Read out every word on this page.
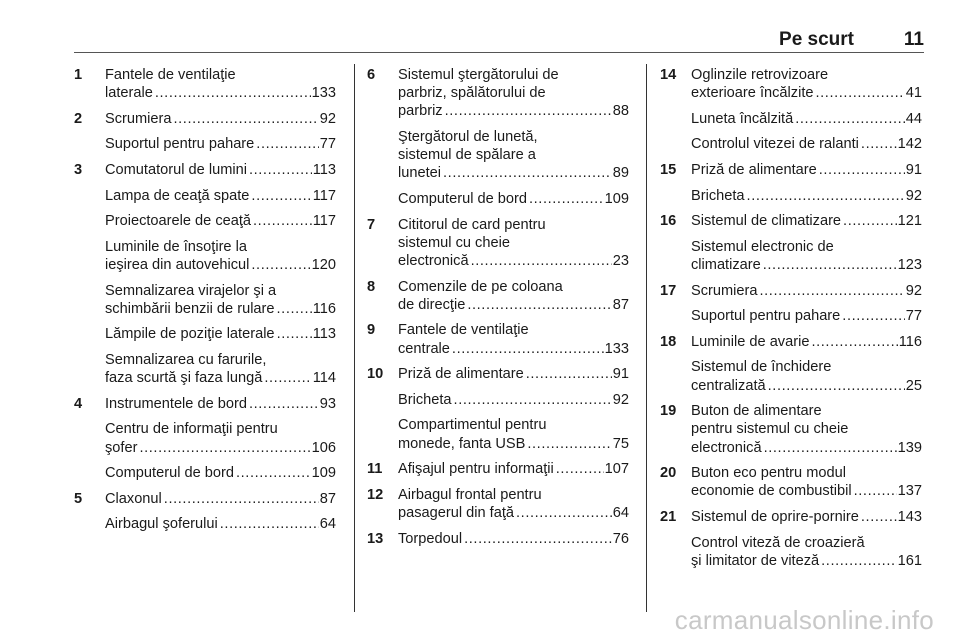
Pe scurt	11
1 Fantele de ventilaţie
laterale .....	133
2 Scrumiera .....	92
Suportul pentru pahare .....	77
3 Comutatorul de lumini .....	113
Lampa de ceaţă spate .....	117
Proiectoarele de ceaţă .....	117
Luminile de însoţire la
ieşirea din autovehicul .....	120
Semnalizarea virajelor şi a
schimbării benzii de rulare .....	116
Lămpile de poziţie laterale .....	113
Semnalizarea cu farurile,
faza scurtă şi faza lungă .....	114
4 Instrumentele de bord .....	93
Centru de informaţii pentru
şofer .....	106
Computerul de bord .....	109
5 Claxonul .....	87
Airbagul şoferului .....	64
6 Sistemul ştergătorului de
parbriz, spălătorului de
parbriz .....	88
Ştergătorul de lunetă,
sistemul de spălare a
lunetei .....	89
Computerul de bord .....	109
7 Cititorul de card pentru
sistemul cu cheie
electronică .....	23
8 Comenzile de pe coloana
de direcţie .....	87
9 Fantele de ventilaţie
centrale .....	133
10 Priză de alimentare .....	91
Bricheta .....	92
Compartimentul pentru
monede, fanta USB .....	75
11 Afişajul pentru informaţii .....	107
12 Airbagul frontal pentru
pasagerul din faţă .....	64
13 Torpedoul .....	76
14 Oglinzile retrovizoare
exterioare încălzite .....	41
Luneta încălzită .....	44
Controlul vitezei de ralanti .....	142
15 Priză de alimentare .....	91
Bricheta .....	92
16 Sistemul de climatizare .....	121
Sistemul electronic de
climatizare .....	123
17 Scrumiera .....	92
Suportul pentru pahare .....	77
18 Luminile de avarie .....	116
Sistemul de închidere
centralizată .....	25
19 Buton de alimentare
pentru sistemul cu cheie
electronică .....	139
20 Buton eco pentru modul
economie de combustibil .....	137
21 Sistemul de oprire-pornire .....	143
Control viteză de croazieră
şi limitator de viteză .....	161
carmanualsonline.info
